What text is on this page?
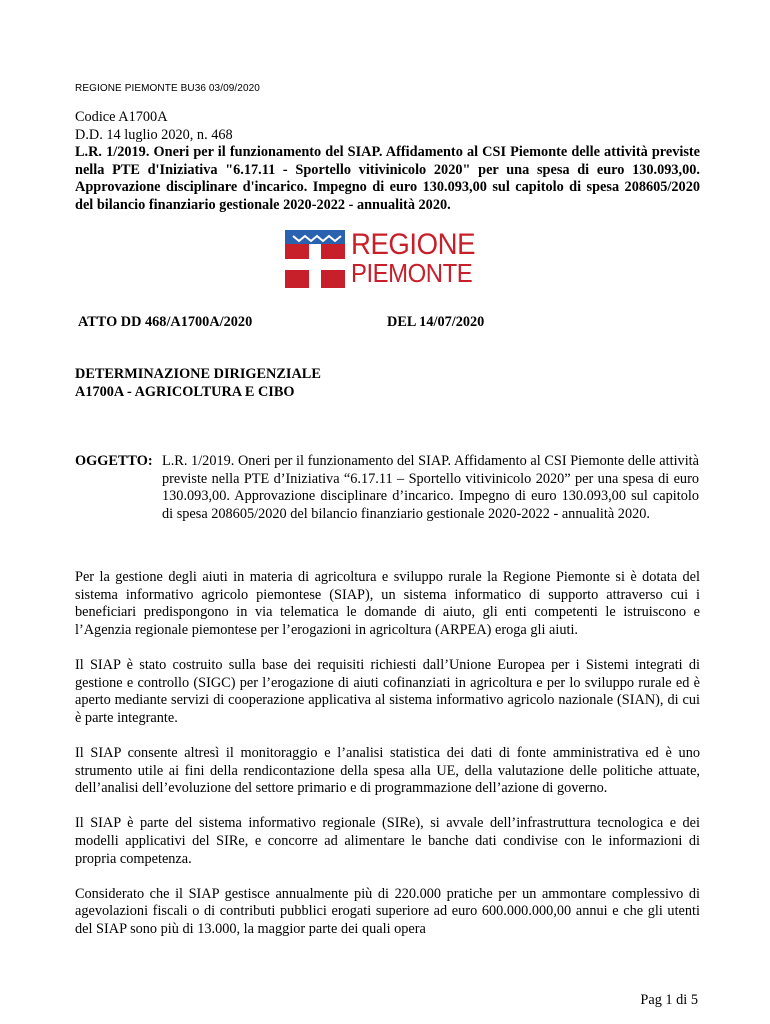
REGIONE PIEMONTE BU36 03/09/2020
Codice A1700A
D.D. 14 luglio 2020, n. 468
L.R. 1/2019. Oneri per il funzionamento del SIAP. Affidamento al CSI Piemonte delle attività previste nella PTE d'Iniziativa "6.17.11 - Sportello vitivinicolo 2020" per una spesa di euro 130.093,00. Approvazione disciplinare d'incarico. Impegno di euro 130.093,00 sul capitolo di spesa 208605/2020 del bilancio finanziario gestionale 2020-2022 - annualità 2020.
REGIONE
PIEMONTE
ATTO DD 468/A1700A/2020	DEL 14/07/2020
DETERMINAZIONE DIRIGENZIALE
A1700A - AGRICOLTURA E CIBO
OGGETTO: L.R. 1/2019. Oneri per il funzionamento del SIAP. Affidamento al CSI Piemonte delle attività previste nella PTE d’Iniziativa “6.17.11 – Sportello vitivinicolo 2020” per una spesa di euro 130.093,00. Approvazione disciplinare d’incarico. Impegno di euro 130.093,00 sul capitolo di spesa 208605/2020 del bilancio finanziario gestionale 2020-2022 - annualità 2020.

Per la gestione degli aiuti in materia di agricoltura e sviluppo rurale la Regione Piemonte si è dotata del sistema informativo agricolo piemontese (SIAP), un sistema informatico di supporto attraverso cui i beneficiari predispongono in via telematica le domande di aiuto, gli enti competenti le istruiscono e l’Agenzia regionale piemontese per l’erogazioni in agricoltura (ARPEA) eroga gli aiuti.

Il SIAP è stato costruito sulla base dei requisiti richiesti dall’Unione Europea per i Sistemi integrati di gestione e controllo (SIGC) per l’erogazione di aiuti cofinanziati in agricoltura e per lo sviluppo rurale ed è aperto mediante servizi di cooperazione applicativa al sistema informativo agricolo nazionale (SIAN), di cui è parte integrante.

Il SIAP consente altresì il monitoraggio e l’analisi statistica dei dati di fonte amministrativa ed è uno strumento utile ai fini della rendicontazione della spesa alla UE, della valutazione delle politiche attuate, dell’analisi dell’evoluzione del settore primario e di programmazione dell’azione di governo.

Il SIAP è parte del sistema informativo regionale (SIRe), si avvale dell’infrastruttura tecnologica e dei modelli applicativi del SIRe, e concorre ad alimentare le banche dati condivise con le informazioni di propria competenza.

Considerato che il SIAP gestisce annualmente più di 220.000 pratiche per un ammontare complessivo di agevolazioni fiscali o di contributi pubblici erogati superiore ad euro 600.000.000,00 annui e che gli utenti del SIAP sono più di 13.000, la maggior parte dei quali opera

Pag 1 di 5
